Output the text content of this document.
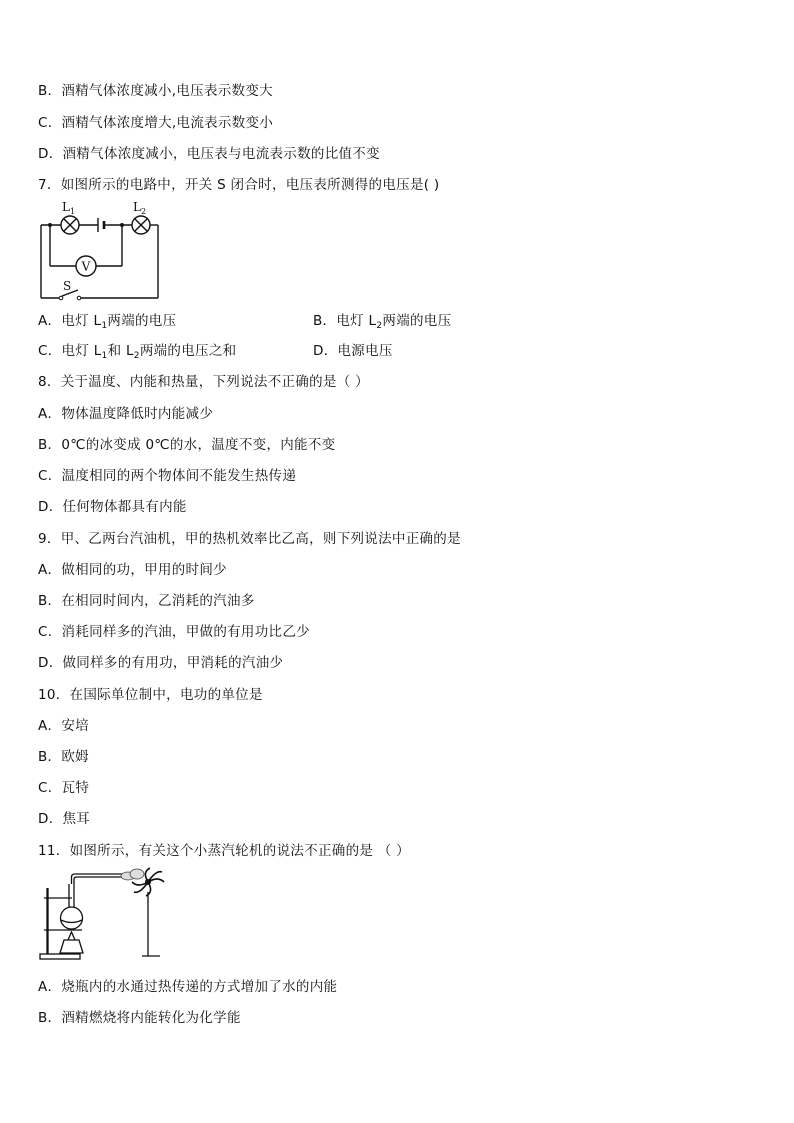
B．酒精气体浓度减小,电压表示数变大
C．酒精气体浓度增大,电流表示数变小
D．酒精气体浓度减小，电压表与电流表示数的比值不变
7．如图所示的电路中，开关 S 闭合时，电压表所测得的电压是( )
V
$L_1$	$L_2$
S
A．电灯 $L_1$两端的电压	B．电灯 $L_2$两端的电压
C．电灯 $L_1$和 $L_2$两端的电压之和	D．电源电压
8．关于温度、内能和热量，下列说法不正确的是（ ）
A．物体温度降低时内能减少
B．0℃的冰变成 0℃的水，温度不变，内能不变
C．温度相同的两个物体间不能发生热传递
D．任何物体都具有内能
9．甲、乙两台汽油机，甲的热机效率比乙高，则下列说法中正确的是
A．做相同的功，甲用的时间少
B．在相同时间内，乙消耗的汽油多
C．消耗同样多的汽油，甲做的有用功比乙少
D．做同样多的有用功，甲消耗的汽油少
10．在国际单位制中，电功的单位是
A．安培
B．欧姆
C．瓦特
D．焦耳
11．如图所示，有关这个小蒸汽轮机的说法不正确的是 （ ）
A．烧瓶内的水通过热传递的方式增加了水的内能
B．酒精燃烧将内能转化为化学能
